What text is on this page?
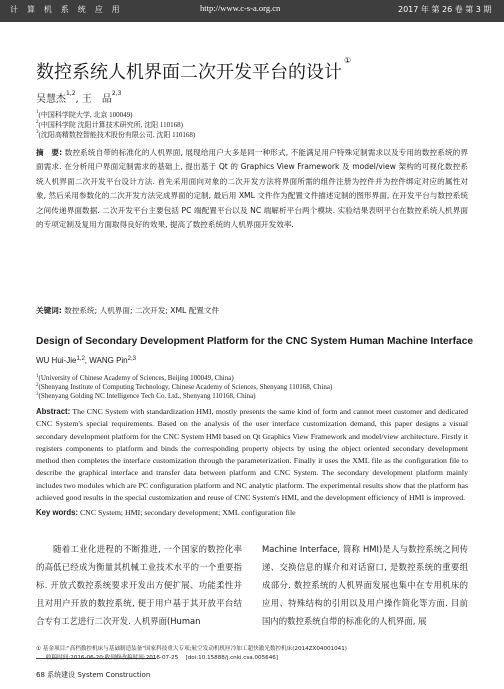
计 算 机 系 统 应 用	http://www.c-s-a.org.cn	2017 年 第 26 卷 第 3 期
数控系统人机界面二次开发平台的设计①
吴慧杰$^{1,2}$, 王　品$^{2,3}$
$^1$(中国科学院大学, 北京 100049)
$^2$(中国科学院 沈阳计算技术研究所, 沈阳 110168)
$^3$(沈阳高精数控智能技术股份有限公司, 沈阳 110168)
摘　要: 数控系统自带的标准化的人机界面, 展现给用户大多是同一种形式, 不能满足用户特殊定制需求以及专用的数控系统的界面需求. 在分析用户界面定制需求的基础上, 提出基于 Qt 的 Graphics View Framework 及 model/view 架构的可视化数控系统人机界面二次开发平台设计方法. 首先采用面向对象的二次开发方法将界面所需的组件注册为控件并为控件绑定对应的属性对象, 然后采用参数化的二次开发方法完成界面的定制, 最后用 XML 文件作为配置文件描述定制的图形界面, 在开发平台与数控系统之间传递界面数据. 二次开发平台主要包括 PC 端配置平台以及 NC 端解析平台两个模块. 实验结果表明平台在数控系统人机界面的专项定制及复用方面取得良好的效果, 提高了数控系统的人机界面开发效率.
关键词: 数控系统; 人机界面; 二次开发; XML 配置文件
Design of Secondary Development Platform for the CNC System Human Machine Interface
WU Hui-Jie$^{1,2}$, WANG Pin$^{2,3}$
$^1$(University of Chinese Academy of Sciences, Beijing 100049, China)
$^2$(Shenyang Institute of Computing Technology, Chinese Academy of Sciences, Shenyang 110168, China)
$^3$(Shenyang Golding NC Intelligence Tech Co. Ltd., Shenyang 110168, China)
Abstract: The CNC System with standardization HMI, mostly presents the same kind of form and cannot meet customer and dedicated CNC System's special requirements. Based on the analysis of the user interface customization demand, this paper designs a visual secondary development platform for the CNC System HMI based on Qt Graphics View Framework and model/view architecture. Firstly it registers components to platform and binds the corresponding property objects by using the object oriented secondary development method then completes the interface customization through the parameterization. Finally it uses the XML file as the configuration file to describe the graphical interface and transfer data between platform and CNC System. The secondary development platform mainly includes two modules which are PC configuration platform and NC analytic platform. The experimental results show that the platform has achieved good results in the special customization and reuse of CNC System's HMI, and the development efficiency of HMI is improved.
Key words: CNC System; HMI; secondary development; XML configuration file
随着工业化进程的不断推进, 一个国家的数控化率的高低已经成为衡量其机械工业技术水平的一个重要指标. 开放式数控系统要求开发出方便扩展、功能柔性并且对用户开放的数控系统, 便于用户基于其开放平台结合专有工艺进行二次开发. 人机界面(Human
Machine Interface, 简称 HMI)是人与数控系统之间传递、交换信息的媒介和对话窗口, 是数控系统的重要组成部分. 数控系统的人机界面发展也集中在专用机床的应用、特殊结构的引用以及用户操作简化等方面. 目前国内的数控系统自带的标准化的人机界面, 展
① 基金项目:"高档数控机床与基础制造装备"国家科技重大专项;航空发动机机匣冷加工超快激光数控机床(2014ZX04001041)
收稿时间:2016-06-20;收到修改稿时间:2016-07-25 　[doi:10.15888/j.cnki.csa.005646]
68 系统建设 System Construction
